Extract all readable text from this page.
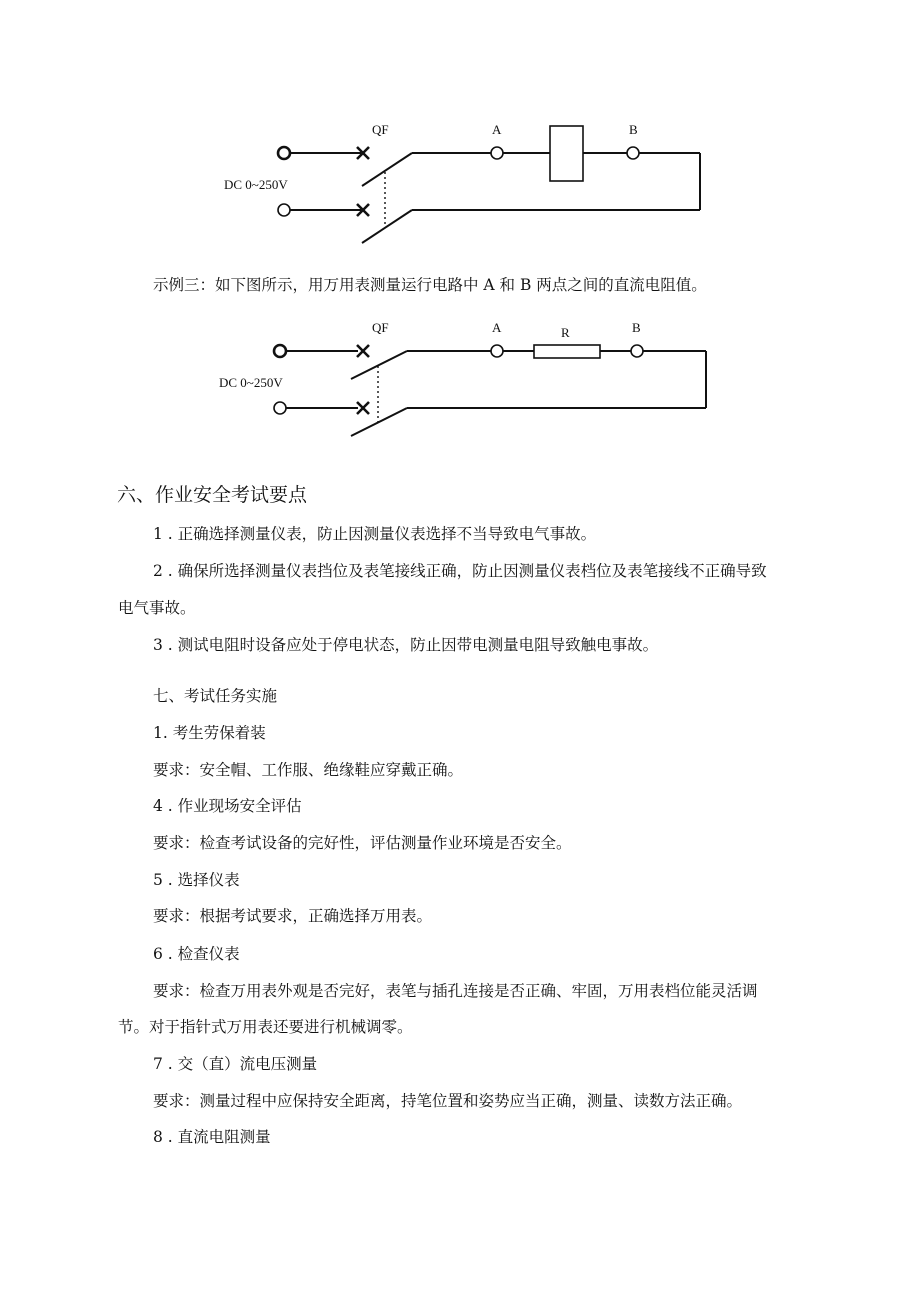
QF	A	B
DC 0~250V
示例三：如下图所示，用万用表测量运行电路中 A 和 B 两点之间的直流电阻值。
QF	A	R	B
DC 0~250V
六、作业安全考试要点
1 . 正确选择测量仪表，防止因测量仪表选择不当导致电气事故。
2 . 确保所选择测量仪表挡位及表笔接线正确，防止因测量仪表档位及表笔接线不正确导致
电气事故。
3 . 测试电阻时设备应处于停电状态，防止因带电测量电阻导致触电事故。
七、考试任务实施
1. 考生劳保着装
要求：安全帽、工作服、绝缘鞋应穿戴正确。
4 . 作业现场安全评估
要求：检查考试设备的完好性，评估测量作业环境是否安全。
5 . 选择仪表
要求：根据考试要求，正确选择万用表。
6 . 检查仪表
要求：检查万用表外观是否完好，表笔与插孔连接是否正确、牢固，万用表档位能灵活调
节。对于指针式万用表还要进行机械调零。
7 . 交（直）流电压测量
要求：测量过程中应保持安全距离，持笔位置和姿势应当正确，测量、读数方法正确。
8 . 直流电阻测量
